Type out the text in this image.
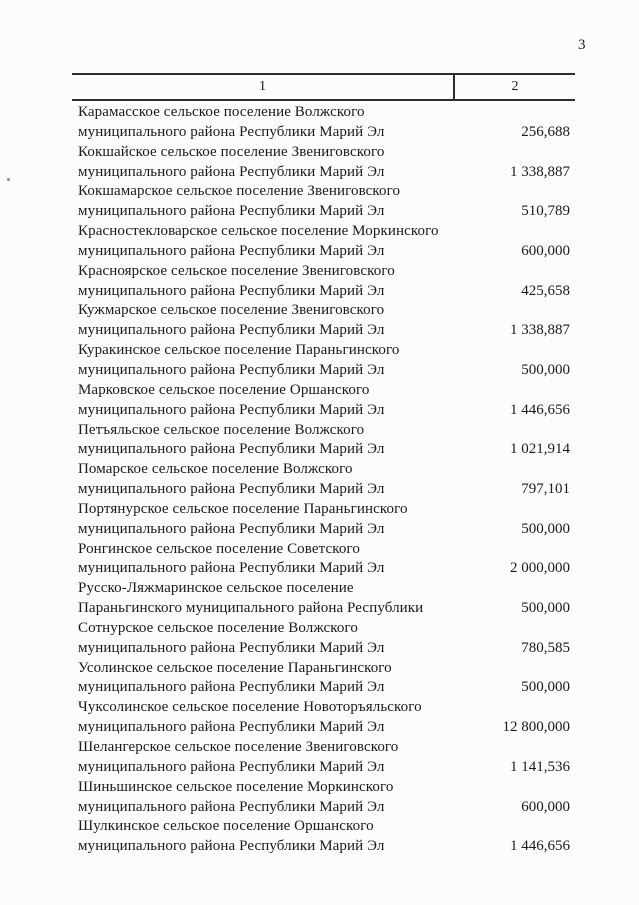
3
1	2
Карамасское сельское поселение Волжского
муниципального района Республики Марий Эл	256,688
Кокшайское сельское поселение Звениговского
муниципального района Республики Марий Эл	1 338,887
Кокшамарское сельское поселение Звениговского
муниципального района Республики Марий Эл	510,789
Красностекловарское сельское поселение Моркинского
муниципального района Республики Марий Эл	600,000
Красноярское сельское поселение Звениговского
муниципального района Республики Марий Эл	425,658
Кужмарское сельское поселение Звениговского
муниципального района Республики Марий Эл	1 338,887
Куракинское сельское поселение Параньгинского
муниципального района Республики Марий Эл	500,000
Марковское сельское поселение Оршанского
муниципального района Республики Марий Эл	1 446,656
Петъяльское сельское поселение Волжского
муниципального района Республики Марий Эл	1 021,914
Помарское сельское поселение Волжского
муниципального района Республики Марий Эл	797,101
Портянурское сельское поселение Параньгинского
муниципального района Республики Марий Эл	500,000
Ронгинское сельское поселение Советского
муниципального района Республики Марий Эл	2 000,000
Русско-Ляжмаринское сельское поселение
Параньгинского муниципального района Республики	500,000
Сотнурское сельское поселение Волжского
муниципального района Республики Марий Эл	780,585
Усолинское сельское поселение Параньгинского
муниципального района Республики Марий Эл	500,000
Чуксолинское сельское поселение Новоторъяльского
муниципального района Республики Марий Эл	12 800,000
Шелангерское сельское поселение Звениговского
муниципального района Республики Марий Эл	1 141,536
Шиньшинское сельское поселение Моркинского
муниципального района Республики Марий Эл	600,000
Шулкинское сельское поселение Оршанского
муниципального района Республики Марий Эл	1 446,656
